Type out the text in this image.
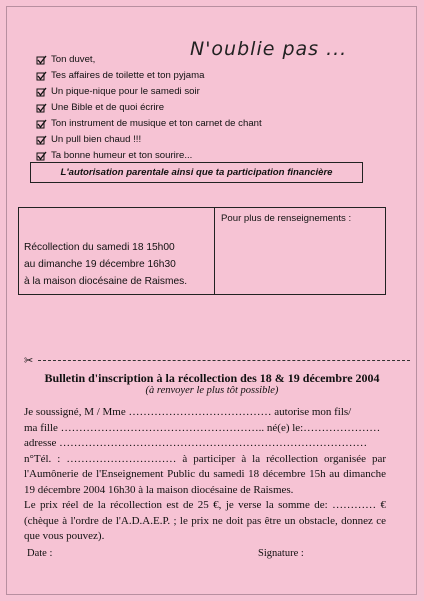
N'oublie pas ...
Ton duvet,
Tes affaires de toilette et ton pyjama
Un pique-nique pour le samedi soir
Une Bible et de quoi écrire
Ton instrument de musique et ton carnet de chant
Un pull bien chaud !!!
Ta bonne humeur et ton sourire...
L'autorisation parentale ainsi que ta participation financière
Récollection du samedi 18 15h00
au dimanche 19 décembre 16h30
à la maison diocésaine de Raismes.
Pour plus de renseignements :
✂
Bulletin d'inscription à la récollection des 18 & 19 décembre 2004
(à renvoyer le plus tôt possible)

Je soussigné, M / Mme ………………………………… autorise mon fils/

ma fille ……………………………………………….. né(e) le:…………………

adresse …………………………………………………………………………

n°Tél. : ………………………… à participer à la récollection organisée par l'Aumônerie de l'Enseignement Public du samedi 18 décembre 15h au dimanche 19 décembre 2004 16h30 à la maison diocésaine de Raismes.

Le prix réel de la récollection est de 25 €, je verse la somme de: ………… € (chèque à l'ordre de l'A.D.A.E.P. ; le prix ne doit pas être un obstacle, donnez ce que vous pouvez).

Date :	Signature :
